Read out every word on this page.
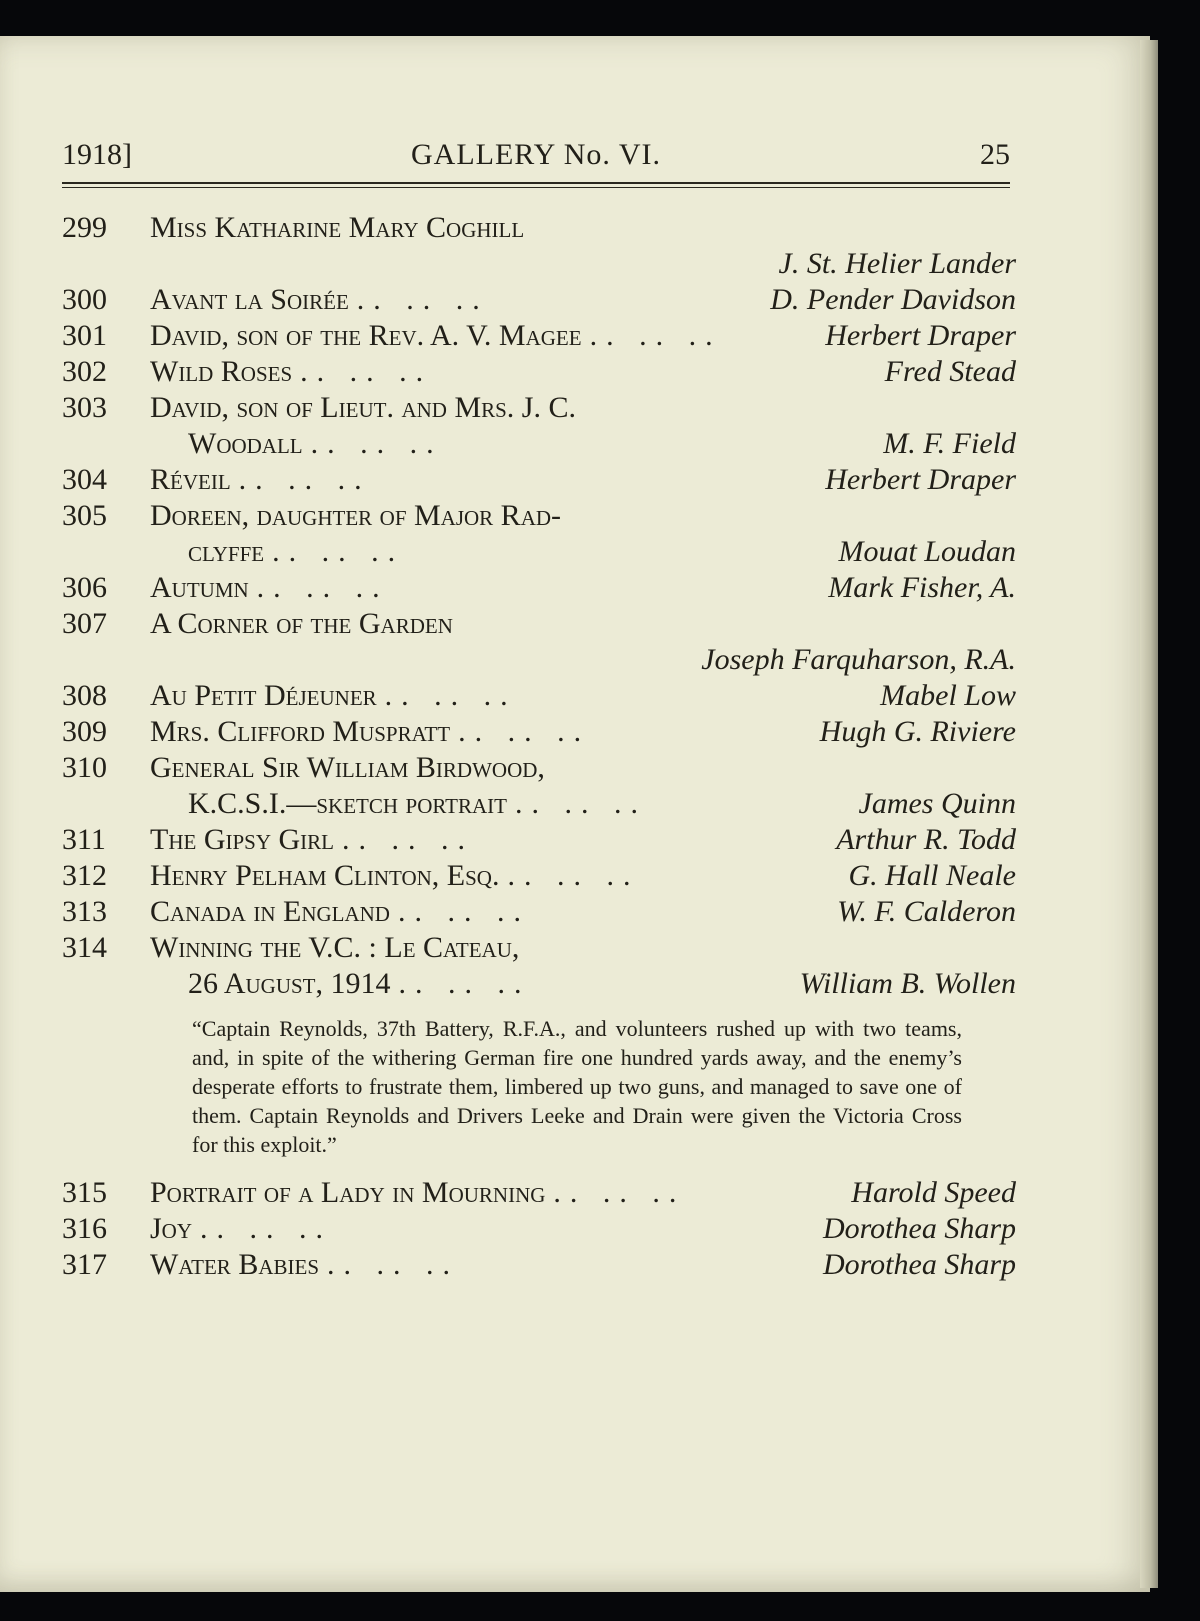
1918]	GALLERY No. VI.	25
299	Miss Katharine Mary Coghill
J. St. Helier Lander
300	Avant la Soirée .. .. ..	D. Pender Davidson
301	David, son of the Rev. A. V. Magee .. .. ..	Herbert Draper
302	Wild Roses .. .. ..	Fred Stead
303	David, son of Lieut. and Mrs. J. C.
Woodall .. .. ..	M. F. Field
304	Réveil .. .. ..	Herbert Draper
305	Doreen, daughter of Major Rad-
clyffe .. .. ..	Mouat Loudan
306	Autumn .. .. ..	Mark Fisher, A.
307	A Corner of the Garden
Joseph Farquharson, R.A.
308	Au Petit Déjeuner .. .. ..	Mabel Low
309	Mrs. Clifford Muspratt .. .. ..	Hugh G. Riviere
310	General Sir William Birdwood,
K.C.S.I.—sketch portrait .. .. ..	James Quinn
311	The Gipsy Girl .. .. ..	Arthur R. Todd
312	Henry Pelham Clinton, Esq. .. .. ..	G. Hall Neale
313	Canada in England .. .. ..	W. F. Calderon
314	Winning the V.C. : Le Cateau,
26 August, 1914 .. .. ..	William B. Wollen
“Captain Reynolds, 37th Battery, R.F.A., and volunteers rushed up with two teams, and, in spite of the withering German fire one hundred yards away, and the enemy’s desperate efforts to frustrate them, limbered up two guns, and managed to save one of them. Captain Reynolds and Drivers Leeke and Drain were given the Victoria Cross for this exploit.”
315	Portrait of a Lady in Mourning .. .. ..	Harold Speed
316	Joy .. .. ..	Dorothea Sharp
317	Water Babies .. .. ..	Dorothea Sharp
